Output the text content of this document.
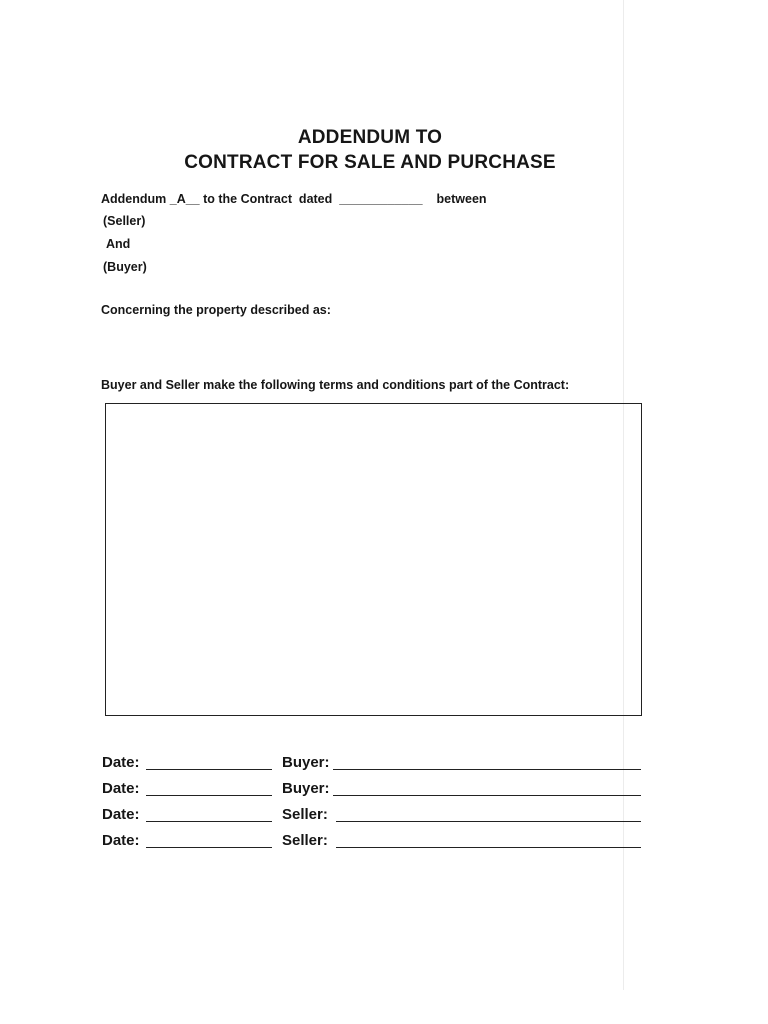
ADDENDUM TO
CONTRACT FOR SALE AND PURCHASE
Addendum _A__ to the Contract  dated  ____________    between
(Seller)
And
(Buyer)
Concerning the property described as:
Buyer and Seller make the following terms and conditions part of the Contract:
Date:	Buyer:
Date:	Buyer:
Date:	Seller:
Date:	Seller:
